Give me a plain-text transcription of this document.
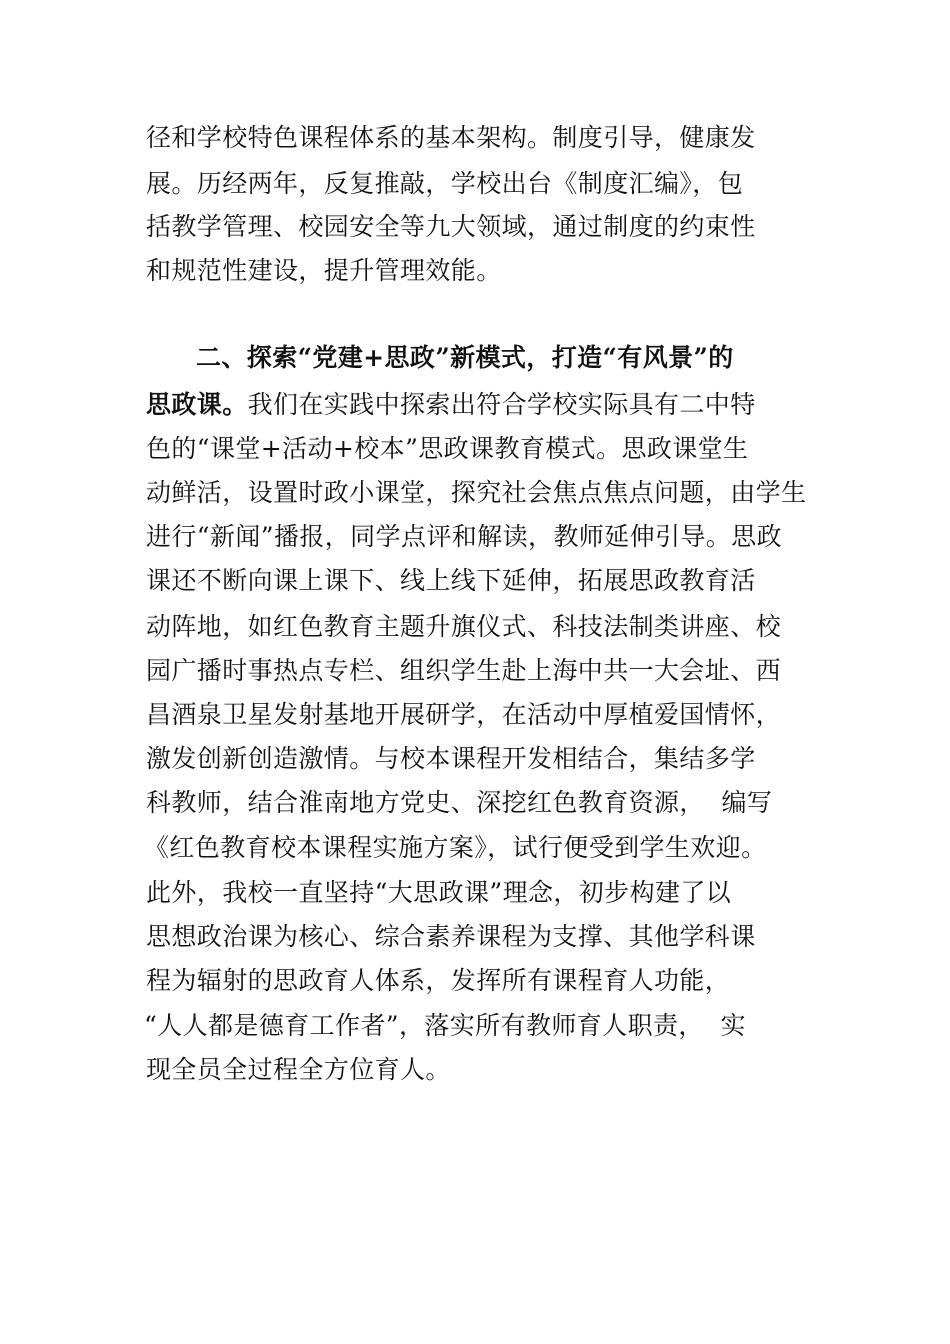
径和学校特色课程体系的基本架构。制度引导，健康发
展。历经两年，反复推敲，学校出台《制度汇编》，包
括教学管理、校园安全等九大领域，通过制度的约束性
和规范性建设，提升管理效能。
二、探索“党建+思政”新模式，打造“有风景”的
思政课。我们在实践中探索出符合学校实际具有二中特
色的“课堂+活动+校本”思政课教育模式。思政课堂生
动鲜活，设置时政小课堂，探究社会焦点焦点问题，由学生
进行“新闻”播报，同学点评和解读，教师延伸引导。思政
课还不断向课上课下、线上线下延伸，拓展思政教育活
动阵地，如红色教育主题升旗仪式、科技法制类讲座、校
园广播时事热点专栏、组织学生赴上海中共一大会址、西
昌酒泉卫星发射基地开展研学，在活动中厚植爱国情怀，
激发创新创造激情。与校本课程开发相结合，集结多学
科教师，结合淮南地方党史、深挖红色教育资源，  编写
《红色教育校本课程实施方案》，试行便受到学生欢迎。
此外，我校一直坚持“大思政课”理念，初步构建了以
思想政治课为核心、综合素养课程为支撑、其他学科课
程为辐射的思政育人体系，发挥所有课程育人功能，
“人人都是德育工作者”，落实所有教师育人职责，  实
现全员全过程全方位育人。
